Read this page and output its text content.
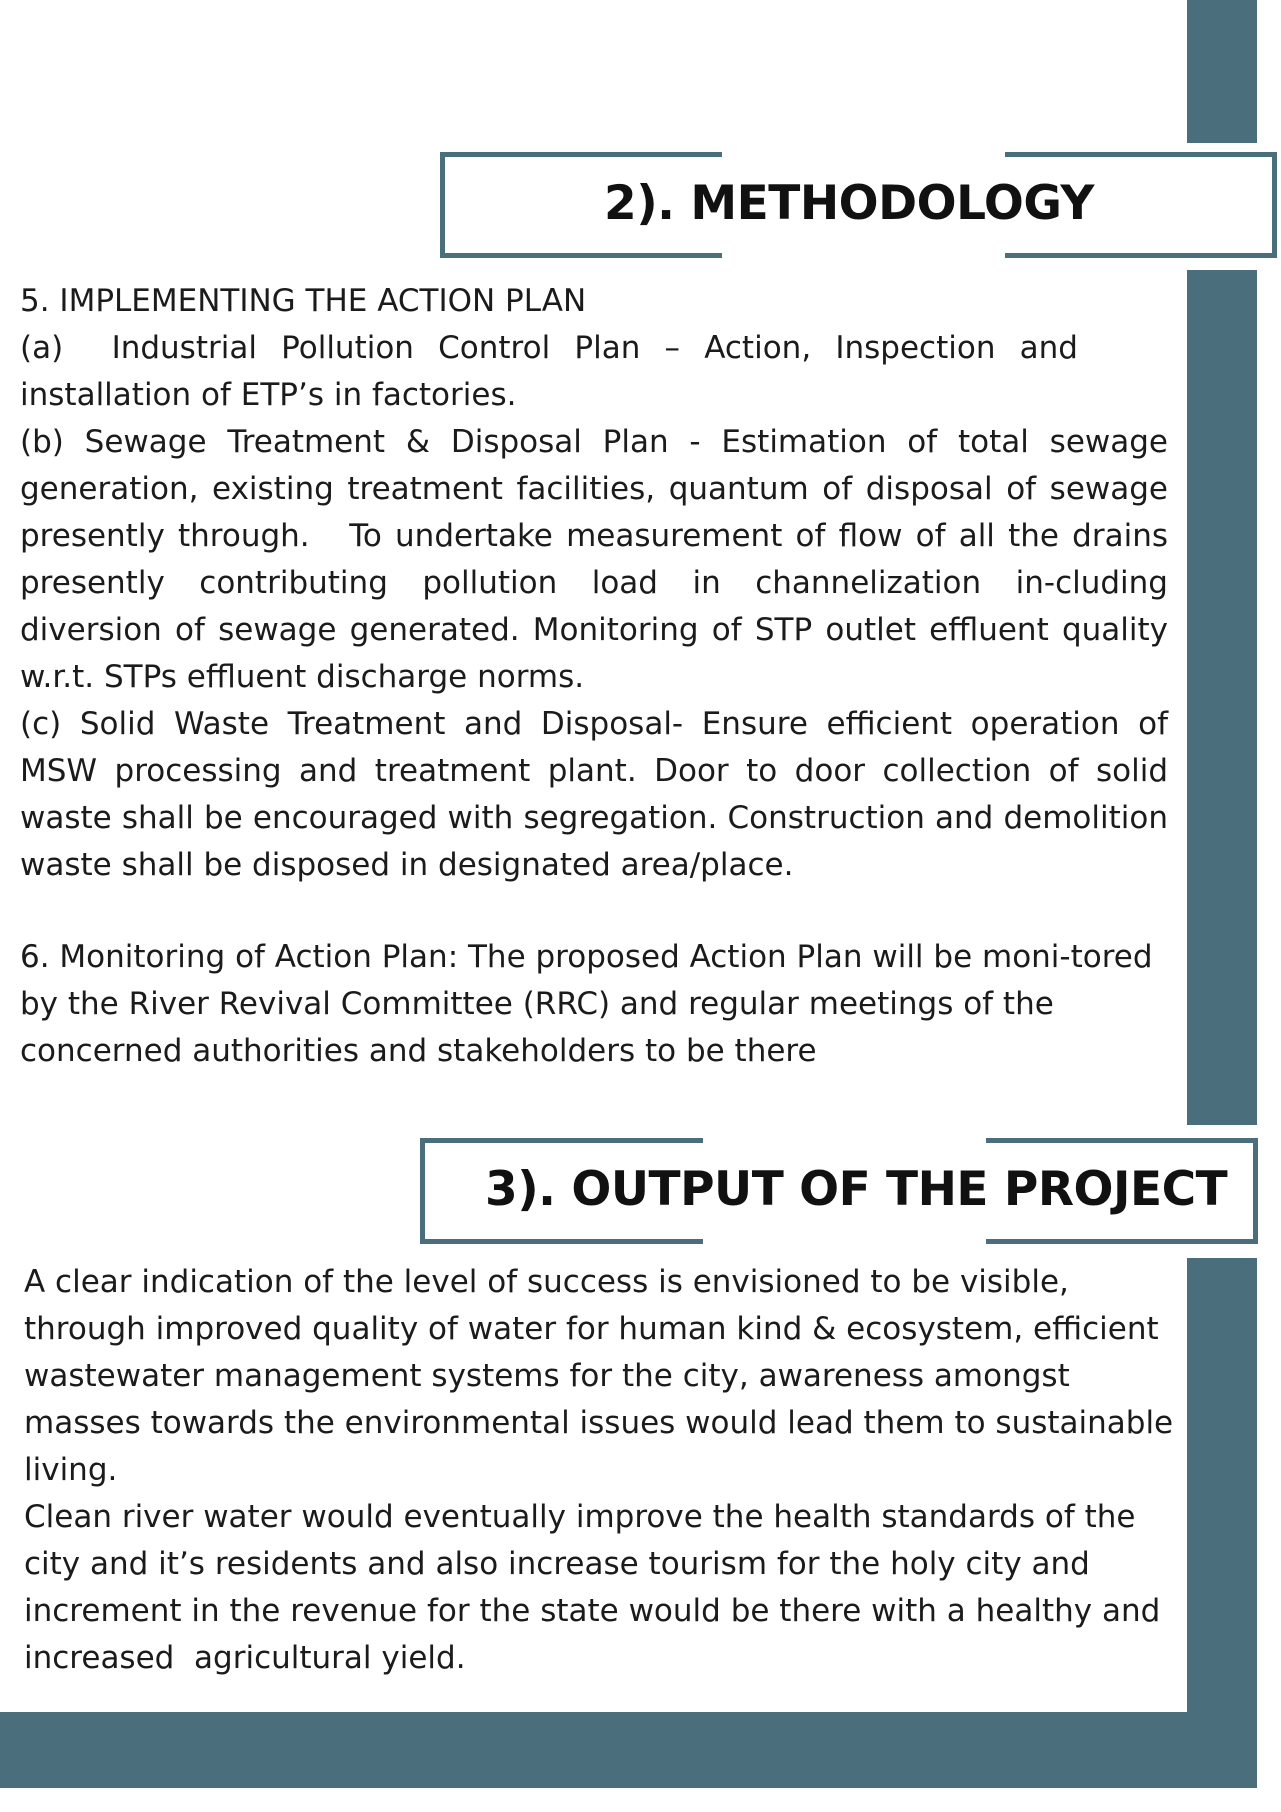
2). METHODOLOGY

5. IMPLEMENTING THE ACTION PLAN

(a)  Industrial Pollution Control Plan – Action, Inspection and installation of ETP’s in factories.

(b) Sewage Treatment & Disposal Plan - Estimation of total sewage generation, existing treatment facilities, quantum of disposal of sewage presently through.   To undertake measurement of flow of all the drains presently contributing pollution load in channelization in-cluding diversion of sewage generated. Monitoring of STP outlet effluent quality w.r.t. STPs effluent discharge norms.

(c) Solid Waste Treatment and Disposal- Ensure efficient operation of MSW processing and treatment plant. Door to door collection of solid waste shall be encouraged with segregation. Construction and demolition waste shall be disposed in designated area/place.

6. Monitoring of Action Plan: The proposed Action Plan will be moni-tored by the River Revival Committee (RRC) and regular meetings of the concerned authorities and stakeholders to be there

3). OUTPUT OF THE PROJECT

A clear indication of the level of success is envisioned to be visible, through improved quality of water for human kind & ecosystem, efficient wastewater management systems for the city, awareness amongst masses towards the environmental issues would lead them to sustainable living.

Clean river water would eventually improve the health standards of the city and it’s residents and also increase tourism for the holy city and increment in the revenue for the state would be there with a healthy and increased  agricultural yield.
